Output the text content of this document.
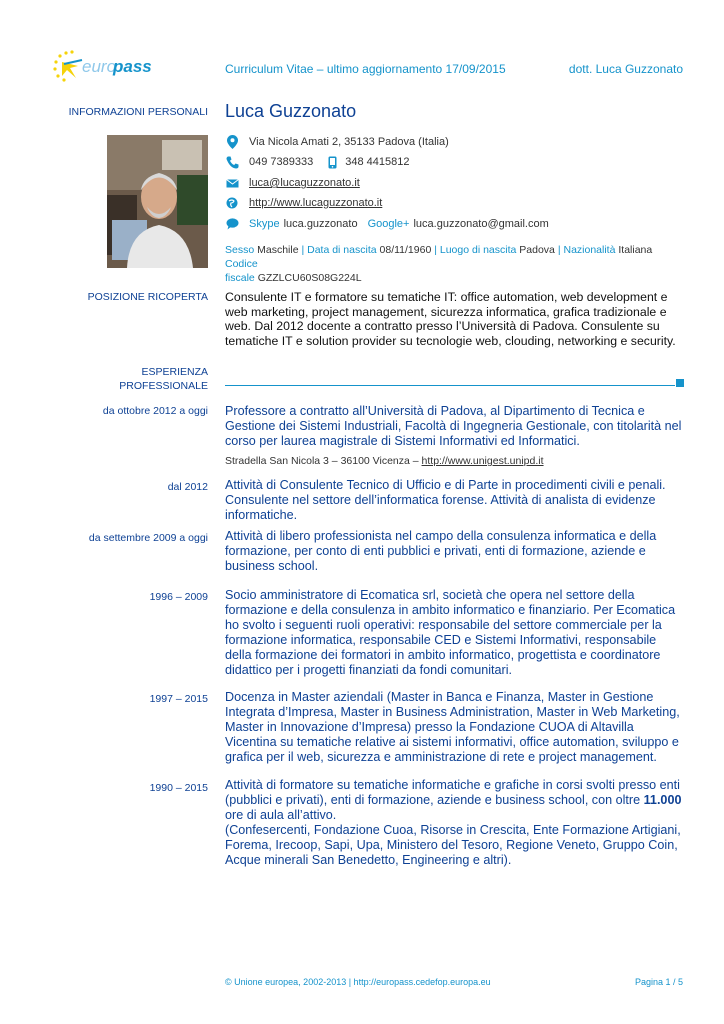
euro
pass	Curriculum Vitae – ultimo aggiornamento 17/09/2015	dott. Luca Guzzonato
INFORMAZIONI PERSONALI Luca Guzzonato
Via Nicola Amati 2, 35133 Padova (Italia)
049 7389333	348 4415812
luca@lucaguzzonato.it
http://www.lucaguzzonato.it
Skype luca.guzzonato Google+ luca.guzzonato@gmail.com
Sesso Maschile | Data di nascita 08/11/1960 | Luogo di nascita Padova | Nazionalità Italiana Codice
fiscale GZZLCU60S08G224L
POSIZIONE RICOPERTA Consulente IT e formatore su tematiche IT: office automation, web development e web marketing, project management, sicurezza informatica, grafica tradizionale e web. Dal 2012 docente a contratto presso l’Università di Padova. Consulente su tematiche IT e solution provider su tecnologie web, clouding, networking e security.
ESPERIENZA
PROFESSIONALE
da ottobre 2012 a oggi Professore a contratto all’Università di Padova, al Dipartimento di Tecnica e Gestione dei Sistemi Industriali, Facoltà di Ingegneria Gestionale, con titolarità nel corso per laurea magistrale di Sistemi Informativi ed Informatici.
Stradella San Nicola 3 – 36100 Vicenza – http://www.unigest.unipd.it
dal 2012 Attività di Consulente Tecnico di Ufficio e di Parte in procedimenti civili e penali. Consulente nel settore dell’informatica forense. Attività di analista di evidenze informatiche.
da settembre 2009 a oggi Attività di libero professionista nel campo della consulenza informatica e della formazione, per conto di enti pubblici e privati, enti di formazione, aziende e business school.
1996 – 2009 Socio amministratore di Ecomatica srl, società che opera nel settore della formazione e della consulenza in ambito informatico e finanziario. Per Ecomatica ho svolto i seguenti ruoli operativi: responsabile del settore commerciale per la formazione informatica, responsabile CED e Sistemi Informativi, responsabile della formazione dei formatori in ambito informatico, progettista e coordinatore didattico per i progetti finanziati da fondi comunitari.
1997 – 2015 Docenza in Master aziendali (Master in Banca e Finanza, Master in Gestione Integrata d’Impresa, Master in Business Administration, Master in Web Marketing, Master in Innovazione d’Impresa) presso la Fondazione CUOA di Altavilla Vicentina su tematiche relative ai sistemi informativi, office automation, sviluppo e grafica per il web, sicurezza e amministrazione di rete e project management.
1990 – 2015 Attività di formatore su tematiche informatiche e grafiche in corsi svolti presso enti (pubblici e privati), enti di formazione, aziende e business school, con oltre 11.000 ore di aula all’attivo.
(Confesercenti, Fondazione Cuoa, Risorse in Crescita, Ente Formazione Artigiani, Forema, Irecoop, Sapi, Upa, Ministero del Tesoro, Regione Veneto, Gruppo Coin, Acque minerali San Benedetto, Engineering e altri).
© Unione europea, 2002-2013 | http://europass.cedefop.europa.eu	Pagina 1 / 5
